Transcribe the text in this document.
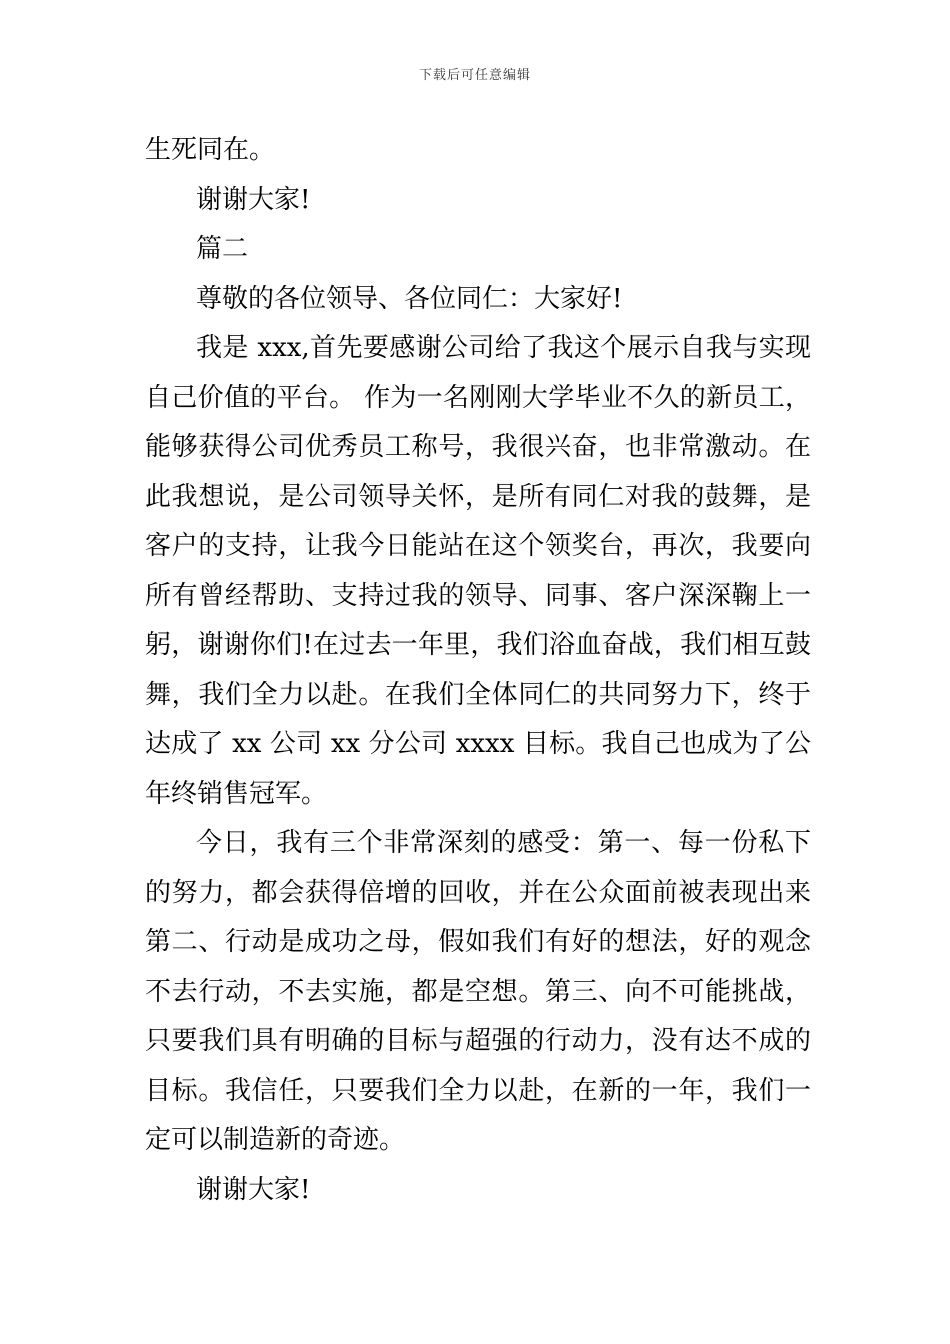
下载后可任意编辑
生死同在。
谢谢大家!
篇二
尊敬的各位领导、各位同仁：大家好!
我是 xxx,首先要感谢公司给了我这个展示自我与实现
自己价值的平台。 作为一名刚刚大学毕业不久的新员工，
能够获得公司优秀员工称号，我很兴奋，也非常激动。在
此我想说，是公司领导关怀，是所有同仁对我的鼓舞，是
客户的支持，让我今日能站在这个领奖台，再次，我要向
所有曾经帮助、支持过我的领导、同事、客户深深鞠上一
躬，谢谢你们!在过去一年里，我们浴血奋战，我们相互鼓
舞，我们全力以赴。在我们全体同仁的共同努力下，终于
达成了 xx 公司 xx 分公司 xxxx 目标。我自己也成为了公
年终销售冠军。
今日，我有三个非常深刻的感受：第一、每一份私下
的努力，都会获得倍增的回收，并在公众面前被表现出来
第二、行动是成功之母，假如我们有好的想法，好的观念
不去行动，不去实施，都是空想。第三、向不可能挑战，
只要我们具有明确的目标与超强的行动力，没有达不成的
目标。我信任，只要我们全力以赴，在新的一年，我们一
定可以制造新的奇迹。
谢谢大家!
